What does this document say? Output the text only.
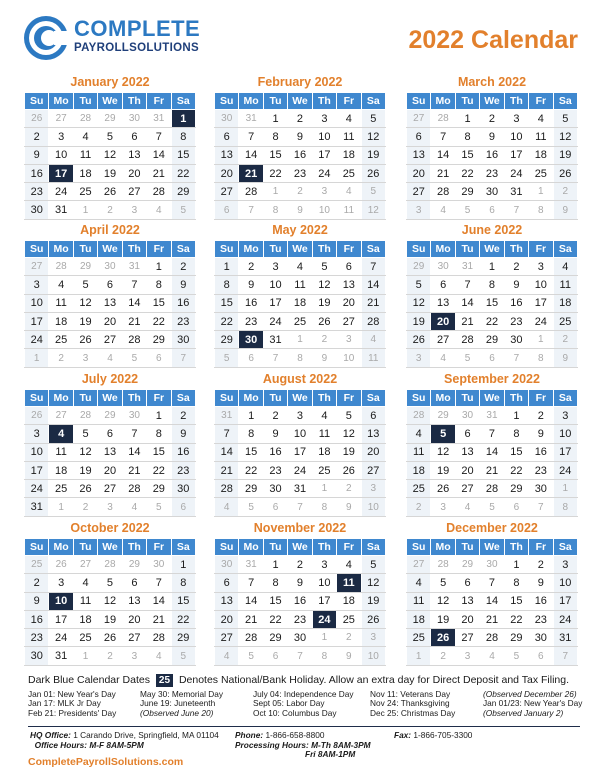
COMPLETE
PAYROLLSOLUTIONS	2022 Calendar
January 2022
Su	Mo	Tu	We	Th	Fr	Sa
26	27	28	29	30	31	1
2	3	4	5	6	7	8
9	10	11	12	13	14	15
16	17	18	19	20	21	22
23	24	25	26	27	28	29
30	31	1	2	3	4	5
February 2022
Su	Mo	Tu	We	Th	Fr	Sa
30	31	1	2	3	4	5
6	7	8	9	10	11	12
13	14	15	16	17	18	19
20	21	22	23	24	25	26
27	28	1	2	3	4	5
6	7	8	9	10	11	12
March 2022
Su	Mo	Tu	We	Th	Fr	Sa
27	28	1	2	3	4	5
6	7	8	9	10	11	12
13	14	15	16	17	18	19
20	21	22	23	24	25	26
27	28	29	30	31	1	2
3	4	5	6	7	8	9
April 2022
Su	Mo	Tu	We	Th	Fr	Sa
27	28	29	30	31	1	2
3	4	5	6	7	8	9
10	11	12	13	14	15	16
17	18	19	20	21	22	23
24	25	26	27	28	29	30
1	2	3	4	5	6	7
May 2022
Su	Mo	Tu	We	Th	Fr	Sa
1	2	3	4	5	6	7
8	9	10	11	12	13	14
15	16	17	18	19	20	21
22	23	24	25	26	27	28
29	30	31	1	2	3	4
5	6	7	8	9	10	11
June 2022
Su	Mo	Tu	We	Th	Fr	Sa
29	30	31	1	2	3	4
5	6	7	8	9	10	11
12	13	14	15	16	17	18
19	20	21	22	23	24	25
26	27	28	29	30	1	2
3	4	5	6	7	8	9
July 2022
Su	Mo	Tu	We	Th	Fr	Sa
26	27	28	29	30	1	2
3	4	5	6	7	8	9
10	11	12	13	14	15	16
17	18	19	20	21	22	23
24	25	26	27	28	29	30
31	1	2	3	4	5	6
August 2022
Su	Mo	Tu	We	Th	Fr	Sa
31	1	2	3	4	5	6
7	8	9	10	11	12	13
14	15	16	17	18	19	20
21	22	23	24	25	26	27
28	29	30	31	1	2	3
4	5	6	7	8	9	10
September 2022
Su	Mo	Tu	We	Th	Fr	Sa
28	29	30	31	1	2	3
4	5	6	7	8	9	10
11	12	13	14	15	16	17
18	19	20	21	22	23	24
25	26	27	28	29	30	1
2	3	4	5	6	7	8
October 2022
Su	Mo	Tu	We	Th	Fr	Sa
25	26	27	28	29	30	1
2	3	4	5	6	7	8
9	10	11	12	13	14	15
16	17	18	19	20	21	22
23	24	25	26	27	28	29
30	31	1	2	3	4	5
November 2022
Su	Mo	Tu	We	Th	Fr	Sa
30	31	1	2	3	4	5
6	7	8	9	10	11	12
13	14	15	16	17	18	19
20	21	22	23	24	25	26
27	28	29	30	1	2	3
4	5	6	7	8	9	10
December 2022
Su	Mo	Tu	We	Th	Fr	Sa
27	28	29	30	1	2	3
4	5	6	7	8	9	10
11	12	13	14	15	16	17
18	19	20	21	22	23	24
25	26	27	28	29	30	31
1	2	3	4	5	6	7
Dark Blue Calendar Dates 25 Denotes National/Bank Holiday. Allow an extra day for Direct Deposit and Tax Filing.
Jan 01: New Year's Day
Jan 17: MLK Jr Day
Feb 21: Presidents' Day
May 30: Memorial Day
June 19: Juneteenth
(Observed June 20)
July 04: Independence Day
Sept 05: Labor Day
Oct 10: Columbus Day
Nov 11: Veterans Day
Nov 24: Thanksgiving
Dec 25: Christmas Day
(Observed December 26)
Jan 01/23: New Year's Day
(Observed January 2)
HQ Office: 1 Carando Drive, Springfield, MA 01104
Office Hours: M-F 8AM-5PM
Phone: 1-866-658-8800
Processing Hours: M-Th 8AM-3PM
Fri 8AM-1PM
Fax: 1-866-705-3300
CompletePayrollSolutions.com
